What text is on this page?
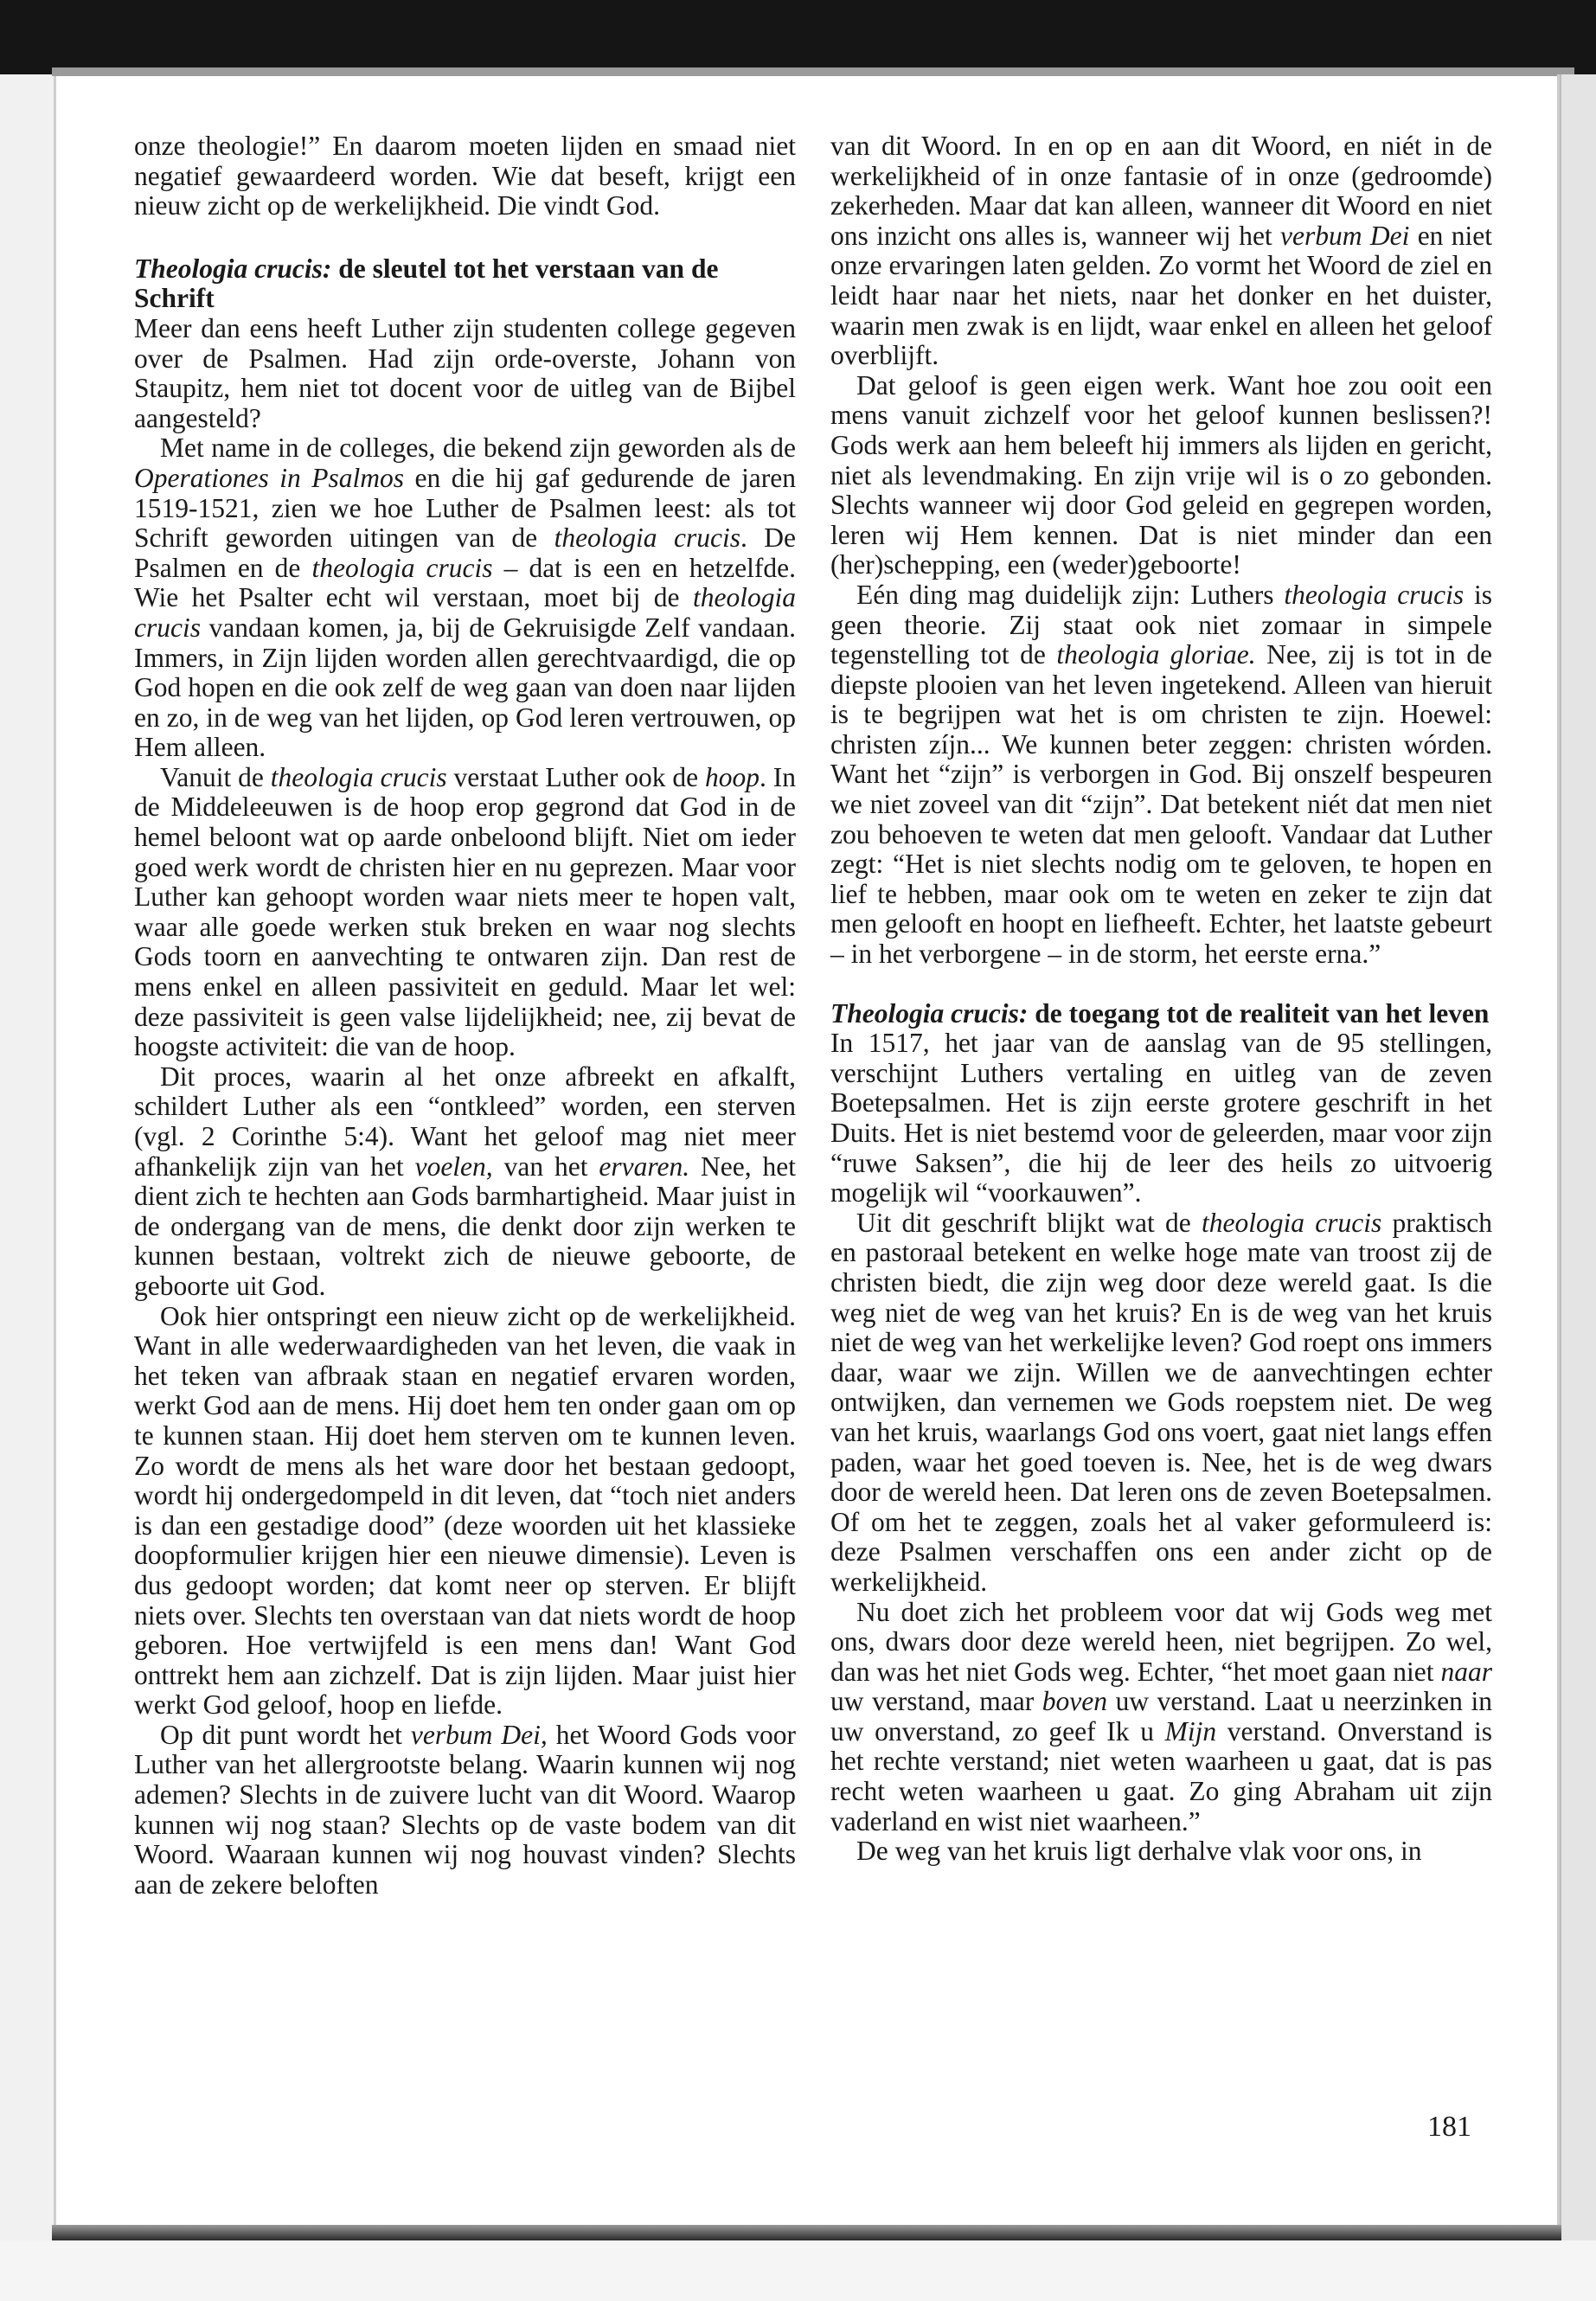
onze theologie!” En daarom moeten lijden en smaad niet negatief gewaardeerd worden. Wie dat beseft, krijgt een nieuw zicht op de werkelijkheid. Die vindt God.

Theologia crucis: de sleutel tot het verstaan van de Schrift

Meer dan eens heeft Luther zijn studenten college gegeven over de Psalmen. Had zijn orde-overste, Johann von Staupitz, hem niet tot docent voor de uitleg van de Bijbel aangesteld?

Met name in de colleges, die bekend zijn geworden als de Operationes in Psalmos en die hij gaf gedurende de jaren 1519-1521, zien we hoe Luther de Psalmen leest: als tot Schrift geworden uitingen van de theologia crucis. De Psalmen en de theologia crucis – dat is een en hetzelfde. Wie het Psalter echt wil verstaan, moet bij de theologia crucis vandaan komen, ja, bij de Gekruisigde Zelf vandaan. Immers, in Zijn lijden worden allen gerechtvaardigd, die op God hopen en die ook zelf de weg gaan van doen naar lijden en zo, in de weg van het lijden, op God leren vertrouwen, op Hem alleen.

Vanuit de theologia crucis verstaat Luther ook de hoop. In de Middeleeuwen is de hoop erop gegrond dat God in de hemel beloont wat op aarde onbeloond blijft. Niet om ieder goed werk wordt de christen hier en nu geprezen. Maar voor Luther kan gehoopt worden waar niets meer te hopen valt, waar alle goede werken stuk breken en waar nog slechts Gods toorn en aanvechting te ontwaren zijn. Dan rest de mens enkel en alleen passiviteit en geduld. Maar let wel: deze passiviteit is geen valse lijdelijkheid; nee, zij bevat de hoogste activiteit: die van de hoop.

Dit proces, waarin al het onze afbreekt en afkalft, schildert Luther als een “ontkleed” worden, een sterven (vgl. 2 Corinthe 5:4). Want het geloof mag niet meer afhankelijk zijn van het voelen, van het ervaren. Nee, het dient zich te hechten aan Gods barmhartigheid. Maar juist in de ondergang van de mens, die denkt door zijn werken te kunnen bestaan, voltrekt zich de nieuwe geboorte, de geboorte uit God.

Ook hier ontspringt een nieuw zicht op de werkelijkheid. Want in alle wederwaardigheden van het leven, die vaak in het teken van afbraak staan en negatief ervaren worden, werkt God aan de mens. Hij doet hem ten onder gaan om op te kunnen staan. Hij doet hem sterven om te kunnen leven. Zo wordt de mens als het ware door het bestaan gedoopt, wordt hij ondergedompeld in dit leven, dat “toch niet anders is dan een gestadige dood” (deze woorden uit het klassieke doopformulier krijgen hier een nieuwe dimensie). Leven is dus gedoopt worden; dat komt neer op sterven. Er blijft niets over. Slechts ten overstaan van dat niets wordt de hoop geboren. Hoe vertwijfeld is een mens dan! Want God onttrekt hem aan zichzelf. Dat is zijn lijden. Maar juist hier werkt God geloof, hoop en liefde.

Op dit punt wordt het verbum Dei, het Woord Gods voor Luther van het allergrootste belang. Waarin kunnen wij nog ademen? Slechts in de zuivere lucht van dit Woord. Waarop kunnen wij nog staan? Slechts op de vaste bodem van dit Woord. Waaraan kunnen wij nog houvast vinden? Slechts aan de zekere beloften

van dit Woord. In en op en aan dit Woord, en niét in de werkelijkheid of in onze fantasie of in onze (gedroomde) zekerheden. Maar dat kan alleen, wanneer dit Woord en niet ons inzicht ons alles is, wanneer wij het verbum Dei en niet onze ervaringen laten gelden. Zo vormt het Woord de ziel en leidt haar naar het niets, naar het donker en het duister, waarin men zwak is en lijdt, waar enkel en alleen het geloof overblijft.

Dat geloof is geen eigen werk. Want hoe zou ooit een mens vanuit zichzelf voor het geloof kunnen beslissen?! Gods werk aan hem beleeft hij immers als lijden en gericht, niet als levendmaking. En zijn vrije wil is o zo gebonden. Slechts wanneer wij door God geleid en gegrepen worden, leren wij Hem kennen. Dat is niet minder dan een (her)schepping, een (weder)geboorte!

Eén ding mag duidelijk zijn: Luthers theologia crucis is geen theorie. Zij staat ook niet zomaar in simpele tegenstelling tot de theologia gloriae. Nee, zij is tot in de diepste plooien van het leven ingetekend. Alleen van hieruit is te begrijpen wat het is om christen te zijn. Hoewel: christen zíjn... We kunnen beter zeggen: christen wórden. Want het “zijn” is verborgen in God. Bij onszelf bespeuren we niet zoveel van dit “zijn”. Dat betekent niét dat men niet zou behoeven te weten dat men gelooft. Vandaar dat Luther zegt: “Het is niet slechts nodig om te geloven, te hopen en lief te hebben, maar ook om te weten en zeker te zijn dat men gelooft en hoopt en liefheeft. Echter, het laatste gebeurt – in het verborgene – in de storm, het eerste erna.”

Theologia crucis: de toegang tot de realiteit van het leven

In 1517, het jaar van de aanslag van de 95 stellingen, verschijnt Luthers vertaling en uitleg van de zeven Boetepsalmen. Het is zijn eerste grotere geschrift in het Duits. Het is niet bestemd voor de geleerden, maar voor zijn “ruwe Saksen”, die hij de leer des heils zo uitvoerig mogelijk wil “voorkauwen”.

Uit dit geschrift blijkt wat de theologia crucis praktisch en pastoraal betekent en welke hoge mate van troost zij de christen biedt, die zijn weg door deze wereld gaat. Is die weg niet de weg van het kruis? En is de weg van het kruis niet de weg van het werkelijke leven? God roept ons immers daar, waar we zijn. Willen we de aanvechtingen echter ontwijken, dan vernemen we Gods roepstem niet. De weg van het kruis, waarlangs God ons voert, gaat niet langs effen paden, waar het goed toeven is. Nee, het is de weg dwars door de wereld heen. Dat leren ons de zeven Boetepsalmen. Of om het te zeggen, zoals het al vaker geformuleerd is: deze Psalmen verschaffen ons een ander zicht op de werkelijkheid.

Nu doet zich het probleem voor dat wij Gods weg met ons, dwars door deze wereld heen, niet begrijpen. Zo wel, dan was het niet Gods weg. Echter, “het moet gaan niet naar uw verstand, maar boven uw verstand. Laat u neerzinken in uw onverstand, zo geef Ik u Mijn verstand. Onverstand is het rechte verstand; niet weten waarheen u gaat, dat is pas recht weten waarheen u gaat. Zo ging Abraham uit zijn vaderland en wist niet waarheen.”

De weg van het kruis ligt derhalve vlak voor ons, in

181
